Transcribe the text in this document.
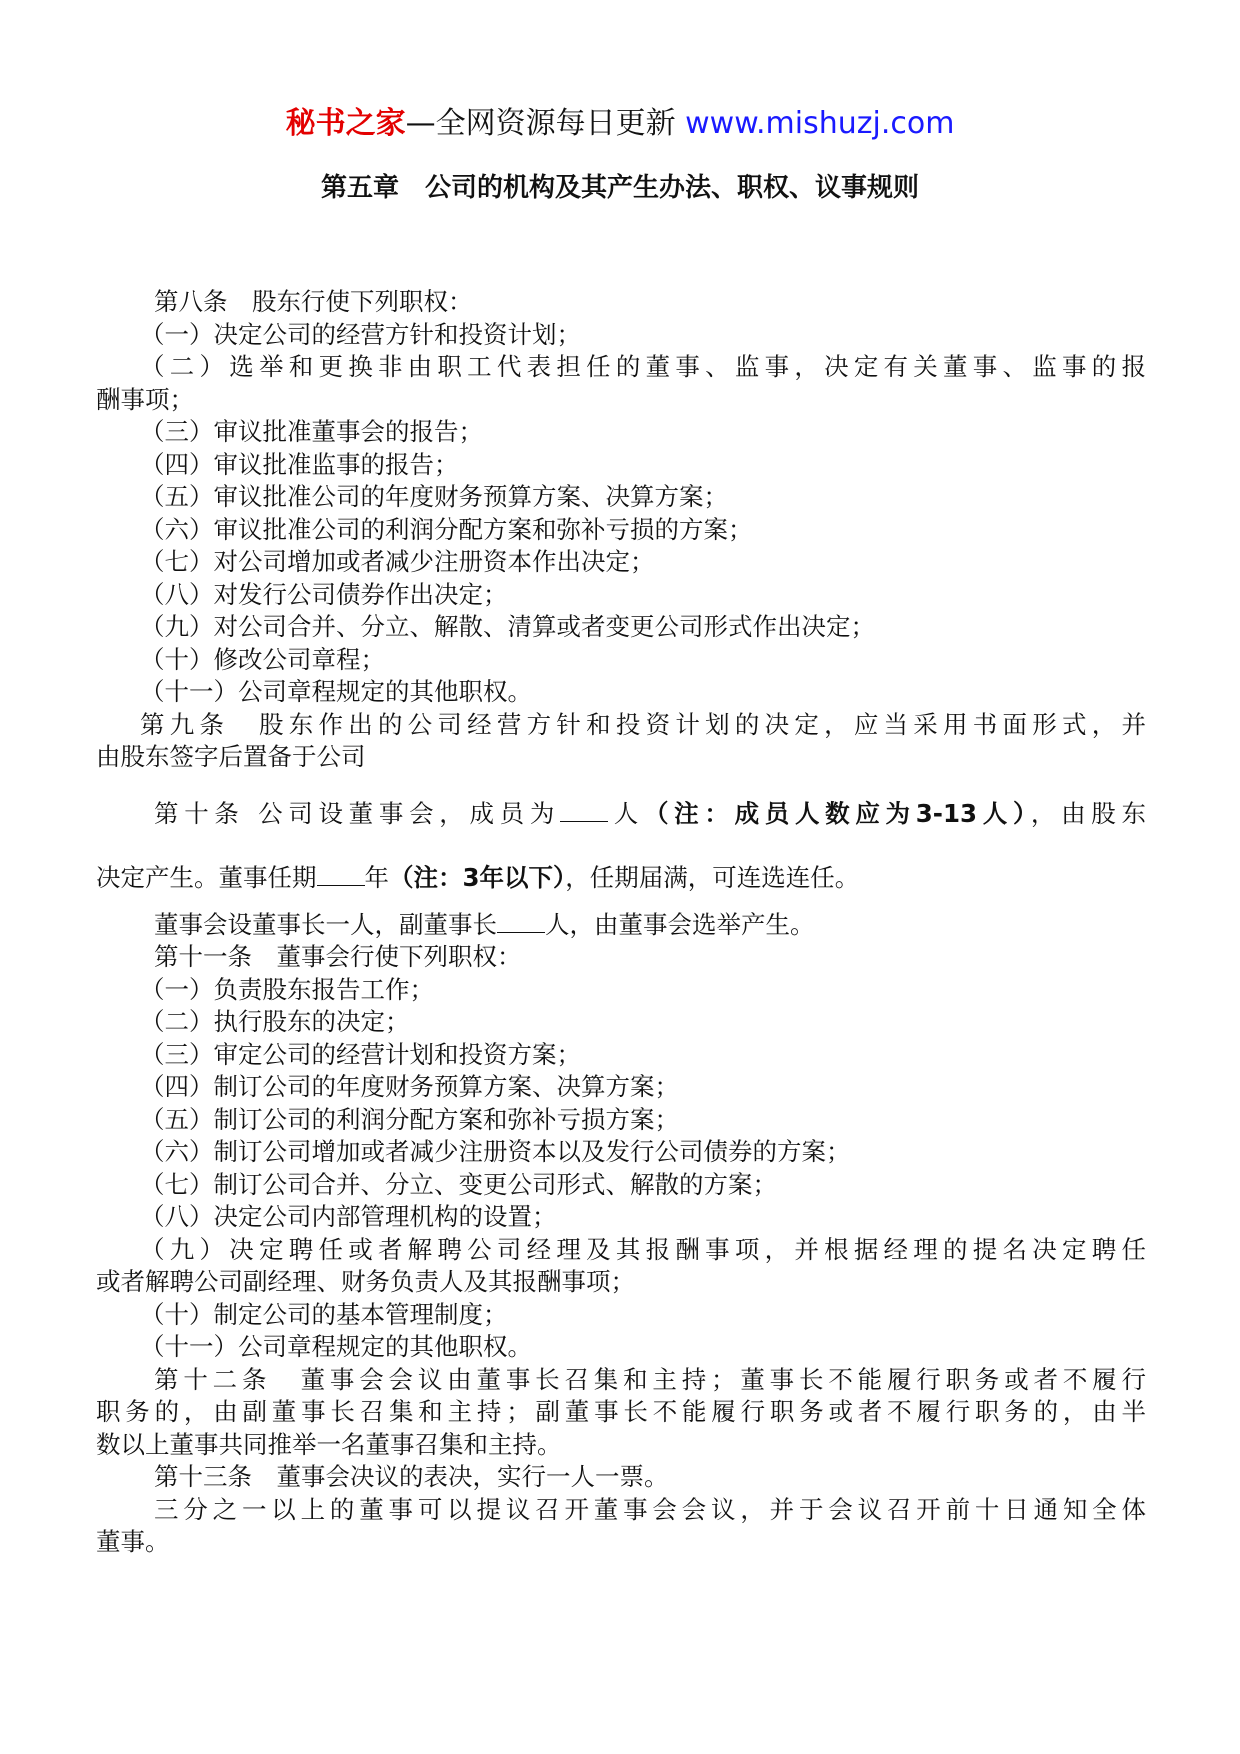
秘书之家—全网资源每日更新 www.mishuzj.com
第五章　公司的机构及其产生办法、职权、议事规则
第八条　股东行使下列职权：
（一）决定公司的经营方针和投资计划；
（二）选举和更换非由职工代表担任的董事、监事，决定有关董事、监事的报
酬事项；
（三）审议批准董事会的报告；
（四）审议批准监事的报告；
（五）审议批准公司的年度财务预算方案、决算方案；
（六）审议批准公司的利润分配方案和弥补亏损的方案；
（七）对公司增加或者减少注册资本作出决定；
（八）对发行公司债券作出决定；
（九）对公司合并、分立、解散、清算或者变更公司形式作出决定；
（十）修改公司章程；
（十一）公司章程规定的其他职权。
第九条　股东作出的公司经营方针和投资计划的决定，应当采用书面形式，并
由股东签字后置备于公司
第十条 公司设董事会，成员为 人（注：成员人数应为3-13人），由股东
决定产生。董事任期 年（注：3年以下），任期届满，可连选连任。
董事会设董事长一人，副董事长 人，由董事会选举产生。
第十一条　董事会行使下列职权：
（一）负责股东报告工作；
（二）执行股东的决定；
（三）审定公司的经营计划和投资方案；
（四）制订公司的年度财务预算方案、决算方案；
（五）制订公司的利润分配方案和弥补亏损方案；
（六）制订公司增加或者减少注册资本以及发行公司债券的方案；
（七）制订公司合并、分立、变更公司形式、解散的方案；
（八）决定公司内部管理机构的设置；
（九）决定聘任或者解聘公司经理及其报酬事项，并根据经理的提名决定聘任
或者解聘公司副经理、财务负责人及其报酬事项；
（十）制定公司的基本管理制度；
（十一）公司章程规定的其他职权。
第十二条　董事会会议由董事长召集和主持；董事长不能履行职务或者不履行
职务的，由副董事长召集和主持；副董事长不能履行职务或者不履行职务的，由半
数以上董事共同推举一名董事召集和主持。
第十三条　董事会决议的表决，实行一人一票。
三分之一以上的董事可以提议召开董事会会议，并于会议召开前十日通知全体
董事。
